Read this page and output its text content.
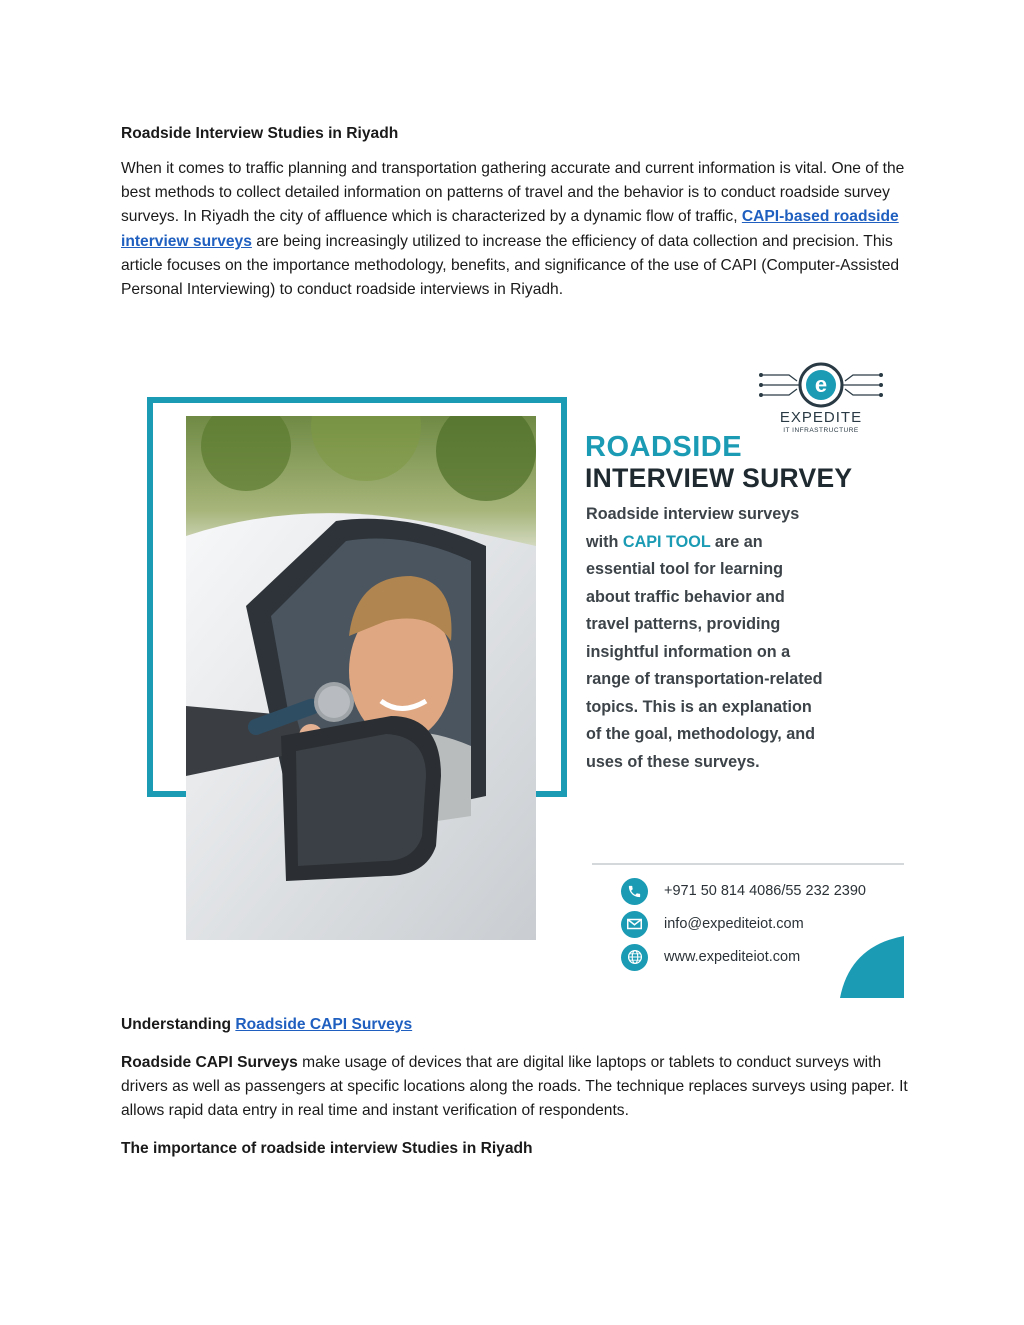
Roadside Interview Studies in Riyadh
When it comes to traffic planning and transportation gathering accurate and current information is vital. One of the best methods to collect detailed information on patterns of travel and the behavior is to conduct roadside survey surveys. In Riyadh the city of affluence which is characterized by a dynamic flow of traffic, CAPI-based roadside interview surveys are being increasingly utilized to increase the efficiency of data collection and precision. This article focuses on the importance methodology, benefits, and significance of the use of CAPI (Computer-Assisted Personal Interviewing) to conduct roadside interviews in Riyadh.
e
EXPEDITE
IT INFRASTRUCTURE
ROADSIDE
INTERVIEW SURVEY
Roadside interview surveys with CAPI TOOL are an essential tool for learning about traffic behavior and travel patterns, providing insightful information on a range of transportation-related topics. This is an explanation of the goal, methodology, and uses of these surveys.
+971 50 814 4086/55 232 2390
info@expediteiot.com
www.expediteiot.com
Understanding Roadside CAPI Surveys
Roadside CAPI Surveys make usage of devices that are digital like laptops or tablets to conduct surveys with drivers as well as passengers at specific locations along the roads. The technique replaces surveys using paper. It allows rapid data entry in real time and instant verification of respondents.
The importance of roadside interview Studies in Riyadh
